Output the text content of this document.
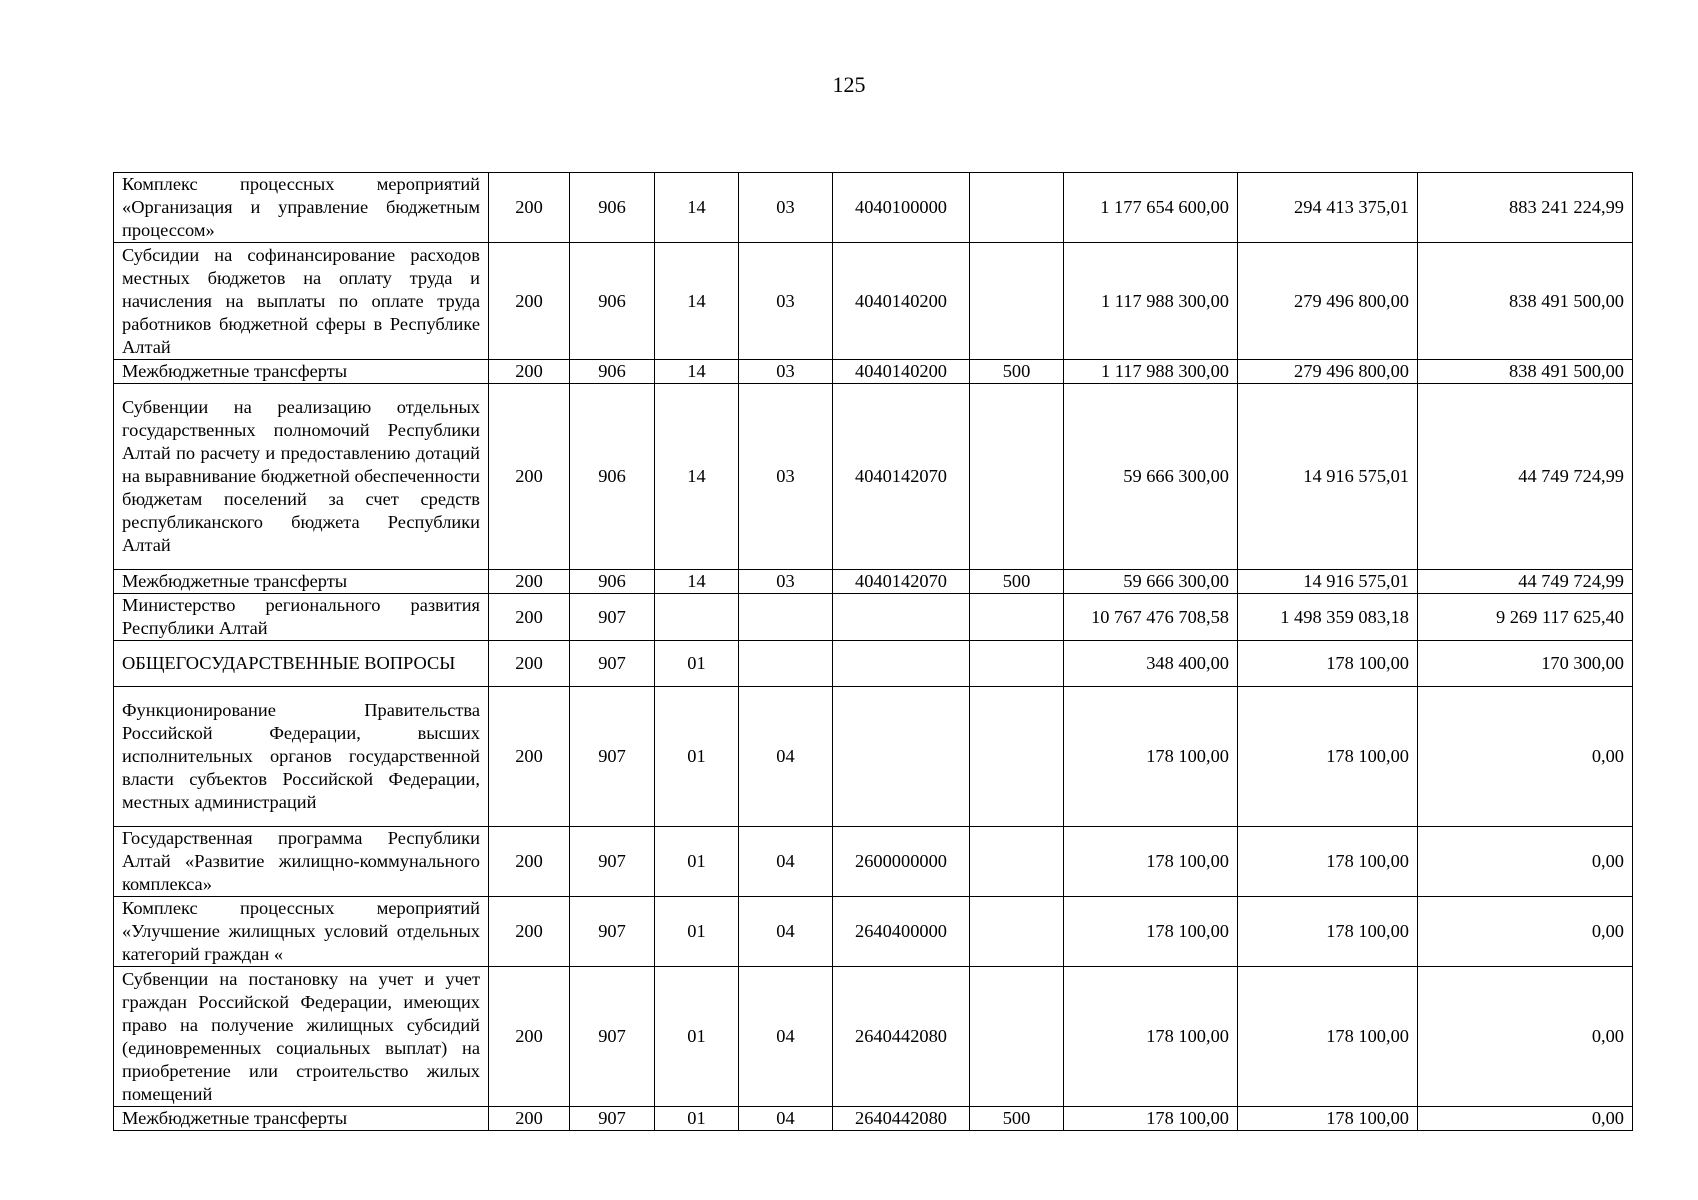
125
Комплекс процессных мероприятий «Организация и управление бюджетным процессом»	200	906	14	03	4040100000		1 177 654 600,00	294 413 375,01	883 241 224,99
Субсидии на софинансирование расходов местных бюджетов на оплату труда и начисления на выплаты по оплате труда работников бюджетной сферы в Республике Алтай	200	906	14	03	4040140200		1 117 988 300,00	279 496 800,00	838 491 500,00
Межбюджетные трансферты	200	906	14	03	4040140200	500	1 117 988 300,00	279 496 800,00	838 491 500,00
Субвенции на реализацию отдельных государственных полномочий Республики Алтай по расчету и предоставлению дотаций на выравнивание бюджетной обеспеченности бюджетам поселений за счет средств республиканского бюджета Республики Алтай	200	906	14	03	4040142070		59 666 300,00	14 916 575,01	44 749 724,99
Межбюджетные трансферты	200	906	14	03	4040142070	500	59 666 300,00	14 916 575,01	44 749 724,99
Министерство регионального развития Республики Алтай	200	907					10 767 476 708,58	1 498 359 083,18	9 269 117 625,40
ОБЩЕГОСУДАРСТВЕННЫЕ ВОПРОСЫ	200	907	01				348 400,00	178 100,00	170 300,00
Функционирование Правительства Российской Федерации, высших исполнительных органов государственной власти субъектов Российской Федерации, местных администраций	200	907	01	04			178 100,00	178 100,00	0,00
Государственная программа Республики Алтай «Развитие жилищно-коммунального комплекса»	200	907	01	04	2600000000		178 100,00	178 100,00	0,00
Комплекс процессных мероприятий «Улучшение жилищных условий отдельных категорий граждан «	200	907	01	04	2640400000		178 100,00	178 100,00	0,00
Субвенции на постановку на учет и учет граждан Российской Федерации, имеющих право на получение жилищных субсидий (единовременных социальных выплат) на приобретение или строительство жилых помещений	200	907	01	04	2640442080		178 100,00	178 100,00	0,00
Межбюджетные трансферты	200	907	01	04	2640442080	500	178 100,00	178 100,00	0,00
